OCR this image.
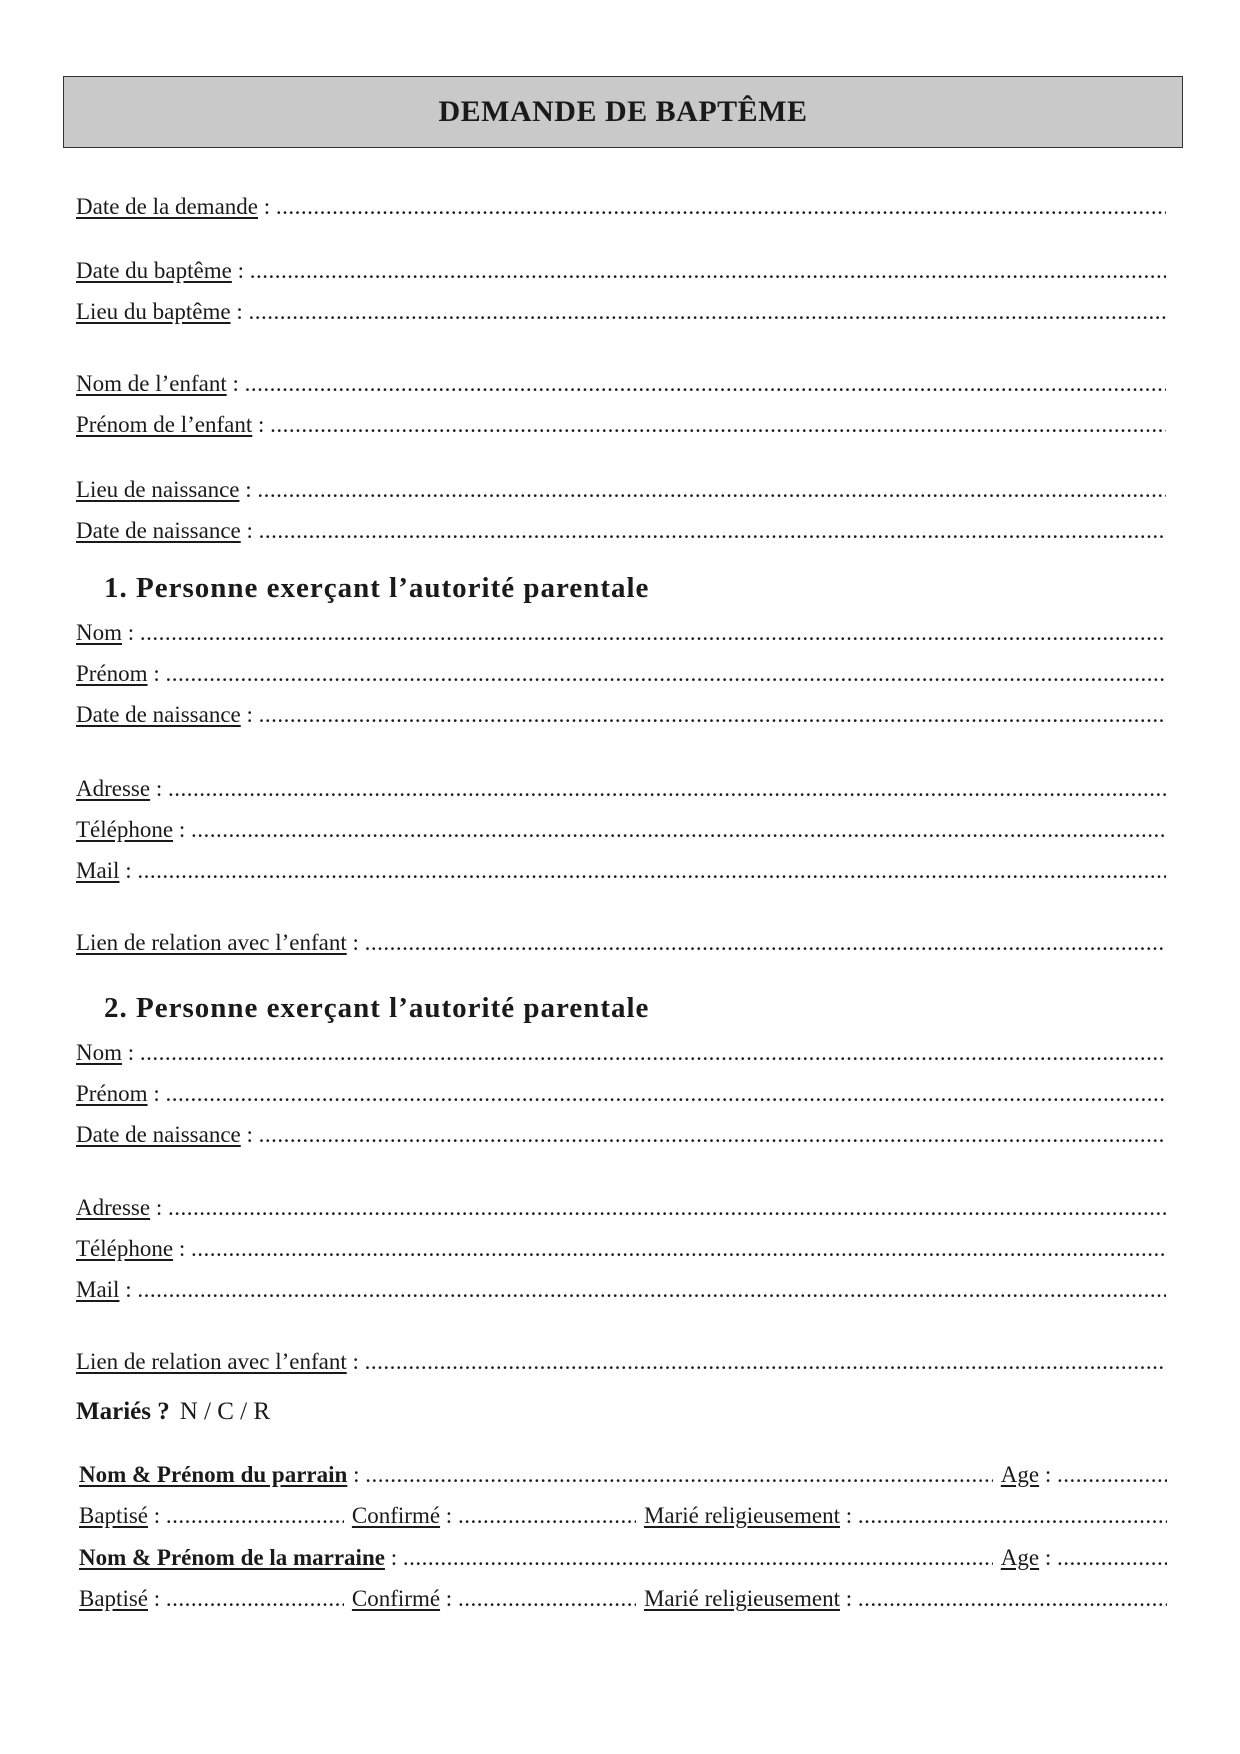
DEMANDE DE BAPTÊME
Date de la demande :
.....
Date du baptême :
.....
Lieu du baptême :
.....
Nom de l’enfant :
.....
Prénom de l’enfant :
.....
Lieu de naissance :
.....
Date de naissance :
.....
1. Personne exerçant l’autorité parentale
Nom :
.....
Prénom :
.....
Date de naissance :
.....
Adresse :
.....
Téléphone :
.....
Mail :
.....
Lien de relation avec l’enfant :
.....
2. Personne exerçant l’autorité parentale
Nom :
.....
Prénom :
.....
Date de naissance :
.....
Adresse :
.....
Téléphone :
.....
Mail :
.....
Lien de relation avec l’enfant :
.....
Mariés ? N / C / R
Nom & Prénom du parrain : .....	Age :
.....
Baptisé : .....	Confirmé : .....	Marié religieusement :
.....
Nom & Prénom de la marraine : .....	Age :
.....
Baptisé : .....	Confirmé : .....	Marié religieusement :
.....
